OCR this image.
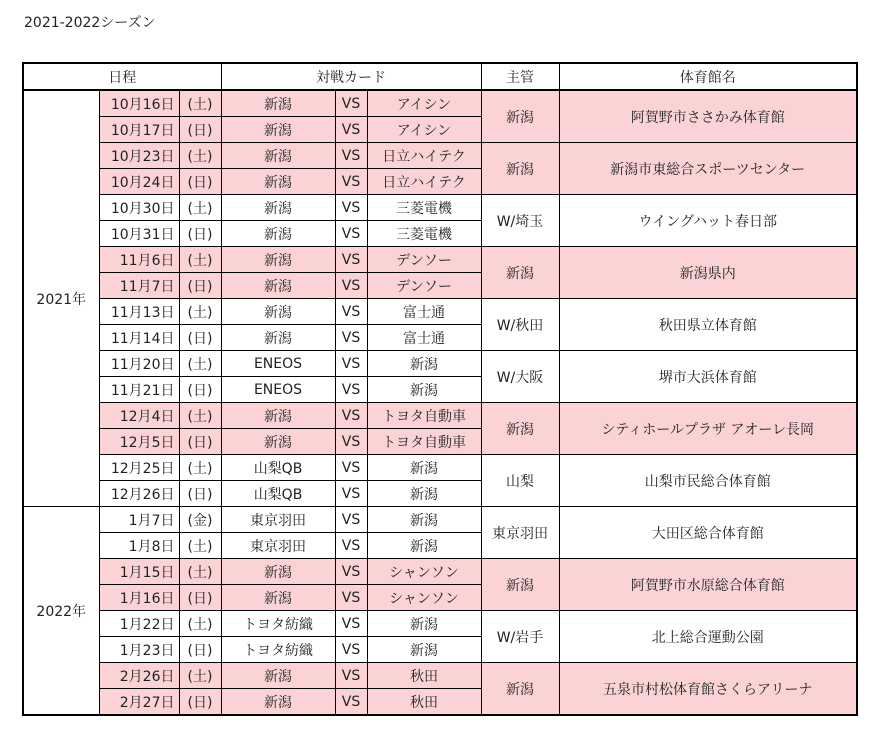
2021-2022シーズン
日程			対戦カード			主管	体育館名
2021年	10月16日	(土)	新潟	VS	アイシン	新潟	阿賀野市ささかみ体育館
	10月17日	(日)	新潟	VS	アイシン		
	10月23日	(土)	新潟	VS	日立ハイテク	新潟	新潟市東総合スポーツセンター
	10月24日	(日)	新潟	VS	日立ハイテク		
	10月30日	(土)	新潟	VS	三菱電機	W/埼玉	ウイングハット春日部
	10月31日	(日)	新潟	VS	三菱電機		
	11月6日	(土)	新潟	VS	デンソー	新潟	新潟県内
	11月7日	(日)	新潟	VS	デンソー		
	11月13日	(土)	新潟	VS	富士通	W/秋田	秋田県立体育館
	11月14日	(日)	新潟	VS	富士通		
	11月20日	(土)	ENEOS	VS	新潟	W/大阪	堺市大浜体育館
	11月21日	(日)	ENEOS	VS	新潟		
	12月4日	(土)	新潟	VS	トヨタ自動車	新潟	シティホールプラザ アオーレ長岡
	12月5日	(日)	新潟	VS	トヨタ自動車		
	12月25日	(土)	山梨QB	VS	新潟	山梨	山梨市民総合体育館
	12月26日	(日)	山梨QB	VS	新潟		
2022年	1月7日	(金)	東京羽田	VS	新潟	東京羽田	大田区総合体育館
	1月8日	(土)	東京羽田	VS	新潟		
	1月15日	(土)	新潟	VS	シャンソン	新潟	阿賀野市水原総合体育館
	1月16日	(日)	新潟	VS	シャンソン		
	1月22日	(土)	トヨタ紡織	VS	新潟	W/岩手	北上総合運動公園
	1月23日	(日)	トヨタ紡織	VS	新潟		
	2月26日	(土)	新潟	VS	秋田	新潟	五泉市村松体育館さくらアリーナ
	2月27日	(日)	新潟	VS	秋田		
